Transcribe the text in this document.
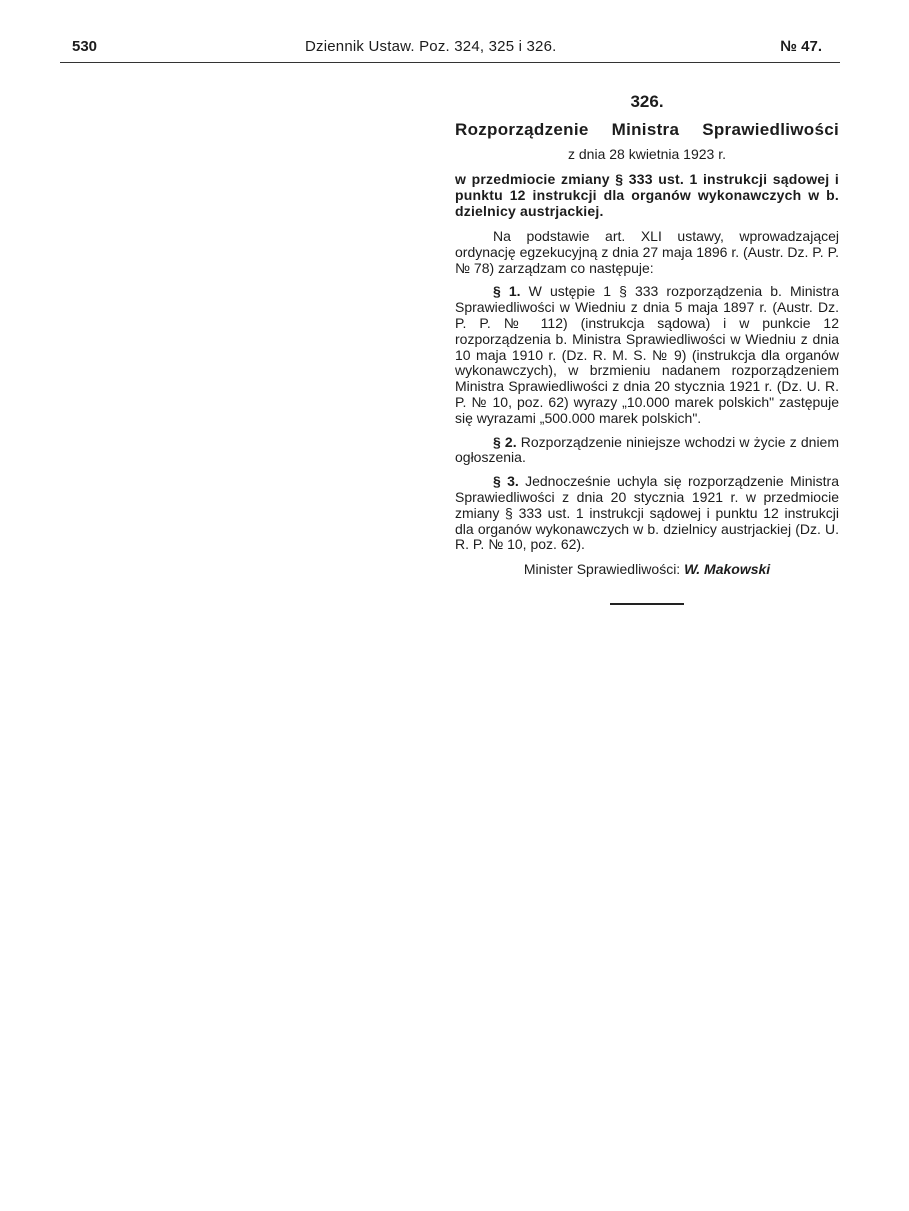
530	Dziennik Ustaw. Poz. 324, 325 i 326.	№ 47.
326.
Rozporządzenie Ministra Sprawiedliwości
z dnia 28 kwietnia 1923 r.
w przedmiocie zmiany § 333 ust. 1 instrukcji sądowej i punktu 12 instrukcji dla organów wykonawczych w b. dzielnicy austrjackiej.

Na podstawie art. XLI ustawy, wprowadzającej ordynację egzekucyjną z dnia 27 maja 1896 r. (Austr. Dz. P. P. № 78) zarządzam co następuje:

§ 1. W ustępie 1 § 333 rozporządzenia b. Ministra Sprawiedliwości w Wiedniu z dnia 5 maja 1897 r. (Austr. Dz. P. P. № 112) (instrukcja sądowa) i w punkcie 12 rozporządzenia b. Ministra Sprawiedliwości w Wiedniu z dnia 10 maja 1910 r. (Dz. R. M. S. № 9) (instrukcja dla organów wykonawczych), w brzmieniu nadanem rozporządzeniem Ministra Sprawiedliwości z dnia 20 stycznia 1921 r. (Dz. U. R. P. № 10, poz. 62) wyrazy „10.000 marek polskich" zastępuje się wyrazami „500.000 marek polskich".

§ 2. Rozporządzenie niniejsze wchodzi w życie z dniem ogłoszenia.

§ 3. Jednocześnie uchyla się rozporządzenie Ministra Sprawiedliwości z dnia 20 stycznia 1921 r. w przedmiocie zmiany § 333 ust. 1 instrukcji sądowej i punktu 12 instrukcji dla organów wykonawczych w b. dzielnicy austrjackiej (Dz. U. R. P. № 10, poz. 62).

Minister Sprawiedliwości: W. Makowski
